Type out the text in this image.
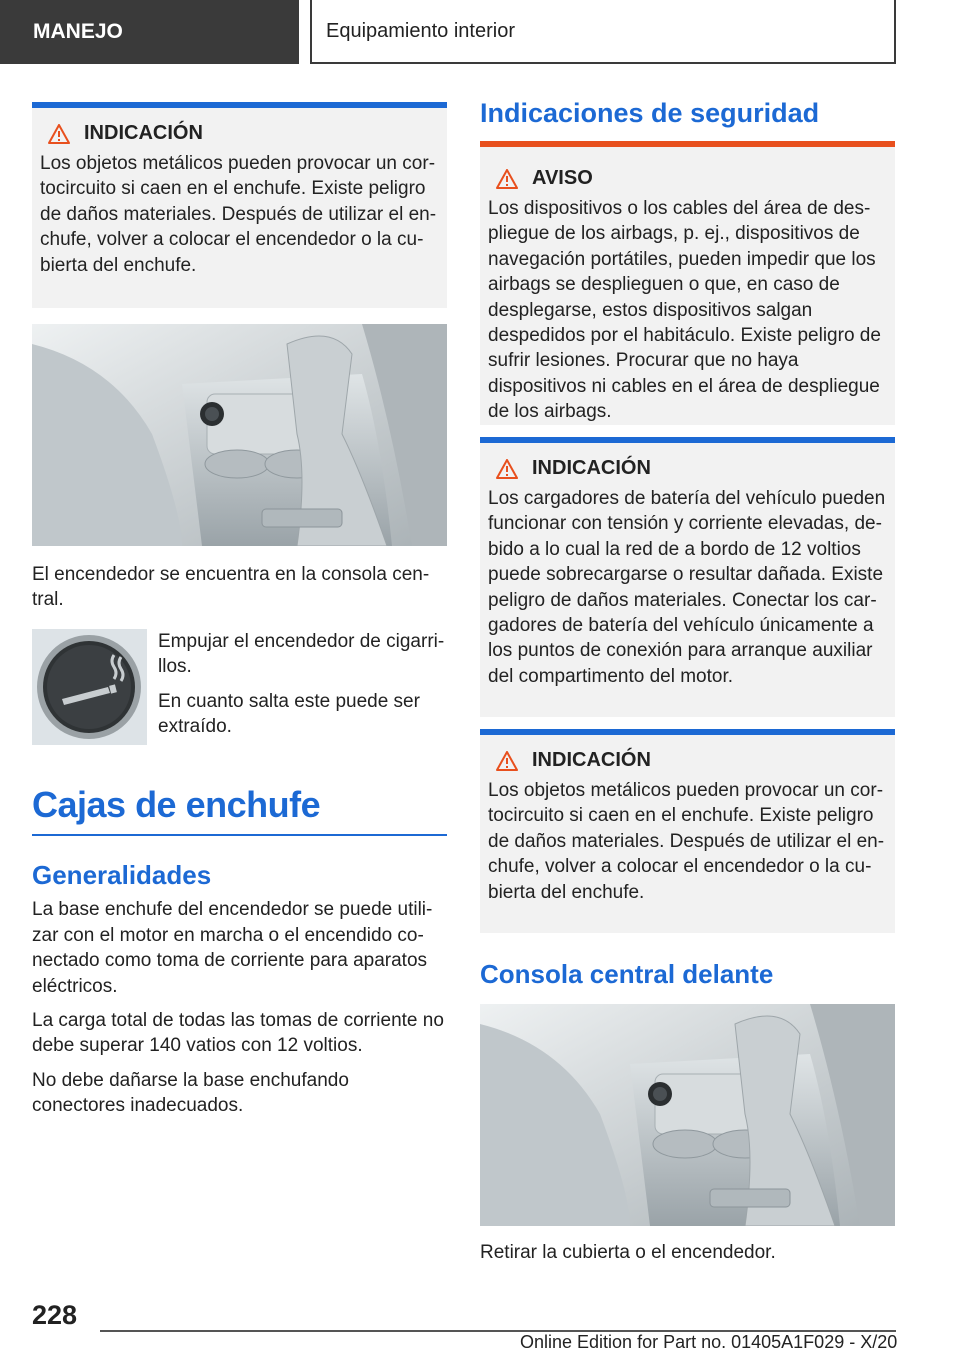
MANEJO	Equipamiento interior
INDICACIÓN
Los objetos metálicos pueden provocar un cortocircuito si caen en el enchufe. Existe peligro de daños materiales. Después de utilizar el enchufe, volver a colocar el encendedor o la cubierta del enchufe.

El encendedor se encuentra en la consola central.

Empujar el encendedor de cigarrillos.

En cuanto salta este puede ser extraído.

Cajas de enchufe
Generalidades

La base enchufe del encendedor se puede utilizar con el motor en marcha o el encendido conectado como toma de corriente para aparatos eléctricos.

La carga total de todas las tomas de corriente no debe superar 140 vatios con 12 voltios.

No debe dañarse la base enchufando conectores inadecuados.

Indicaciones de seguridad
AVISO
Los dispositivos o los cables del área de despliegue de los airbags, p. ej., dispositivos de navegación portátiles, pueden impedir que los airbags se desplieguen o que, en caso de desplegarse, estos dispositivos salgan despedidos por el habitáculo. Existe peligro de sufrir lesiones. Procurar que no haya dispositivos ni cables en el área de despliegue de los airbags.
INDICACIÓN
Los cargadores de batería del vehículo pueden funcionar con tensión y corriente elevadas, debido a lo cual la red de a bordo de 12 voltios puede sobrecargarse o resultar dañada. Existe peligro de daños materiales. Conectar los cargadores de batería del vehículo únicamente a los puntos de conexión para arranque auxiliar del compartimento del motor.
INDICACIÓN
Los objetos metálicos pueden provocar un cortocircuito si caen en el enchufe. Existe peligro de daños materiales. Después de utilizar el enchufe, volver a colocar el encendedor o la cubierta del enchufe.
Consola central delante

Retirar la cubierta o el encendedor.

228
Online Edition for Part no. 01405A1F029 - X/20
